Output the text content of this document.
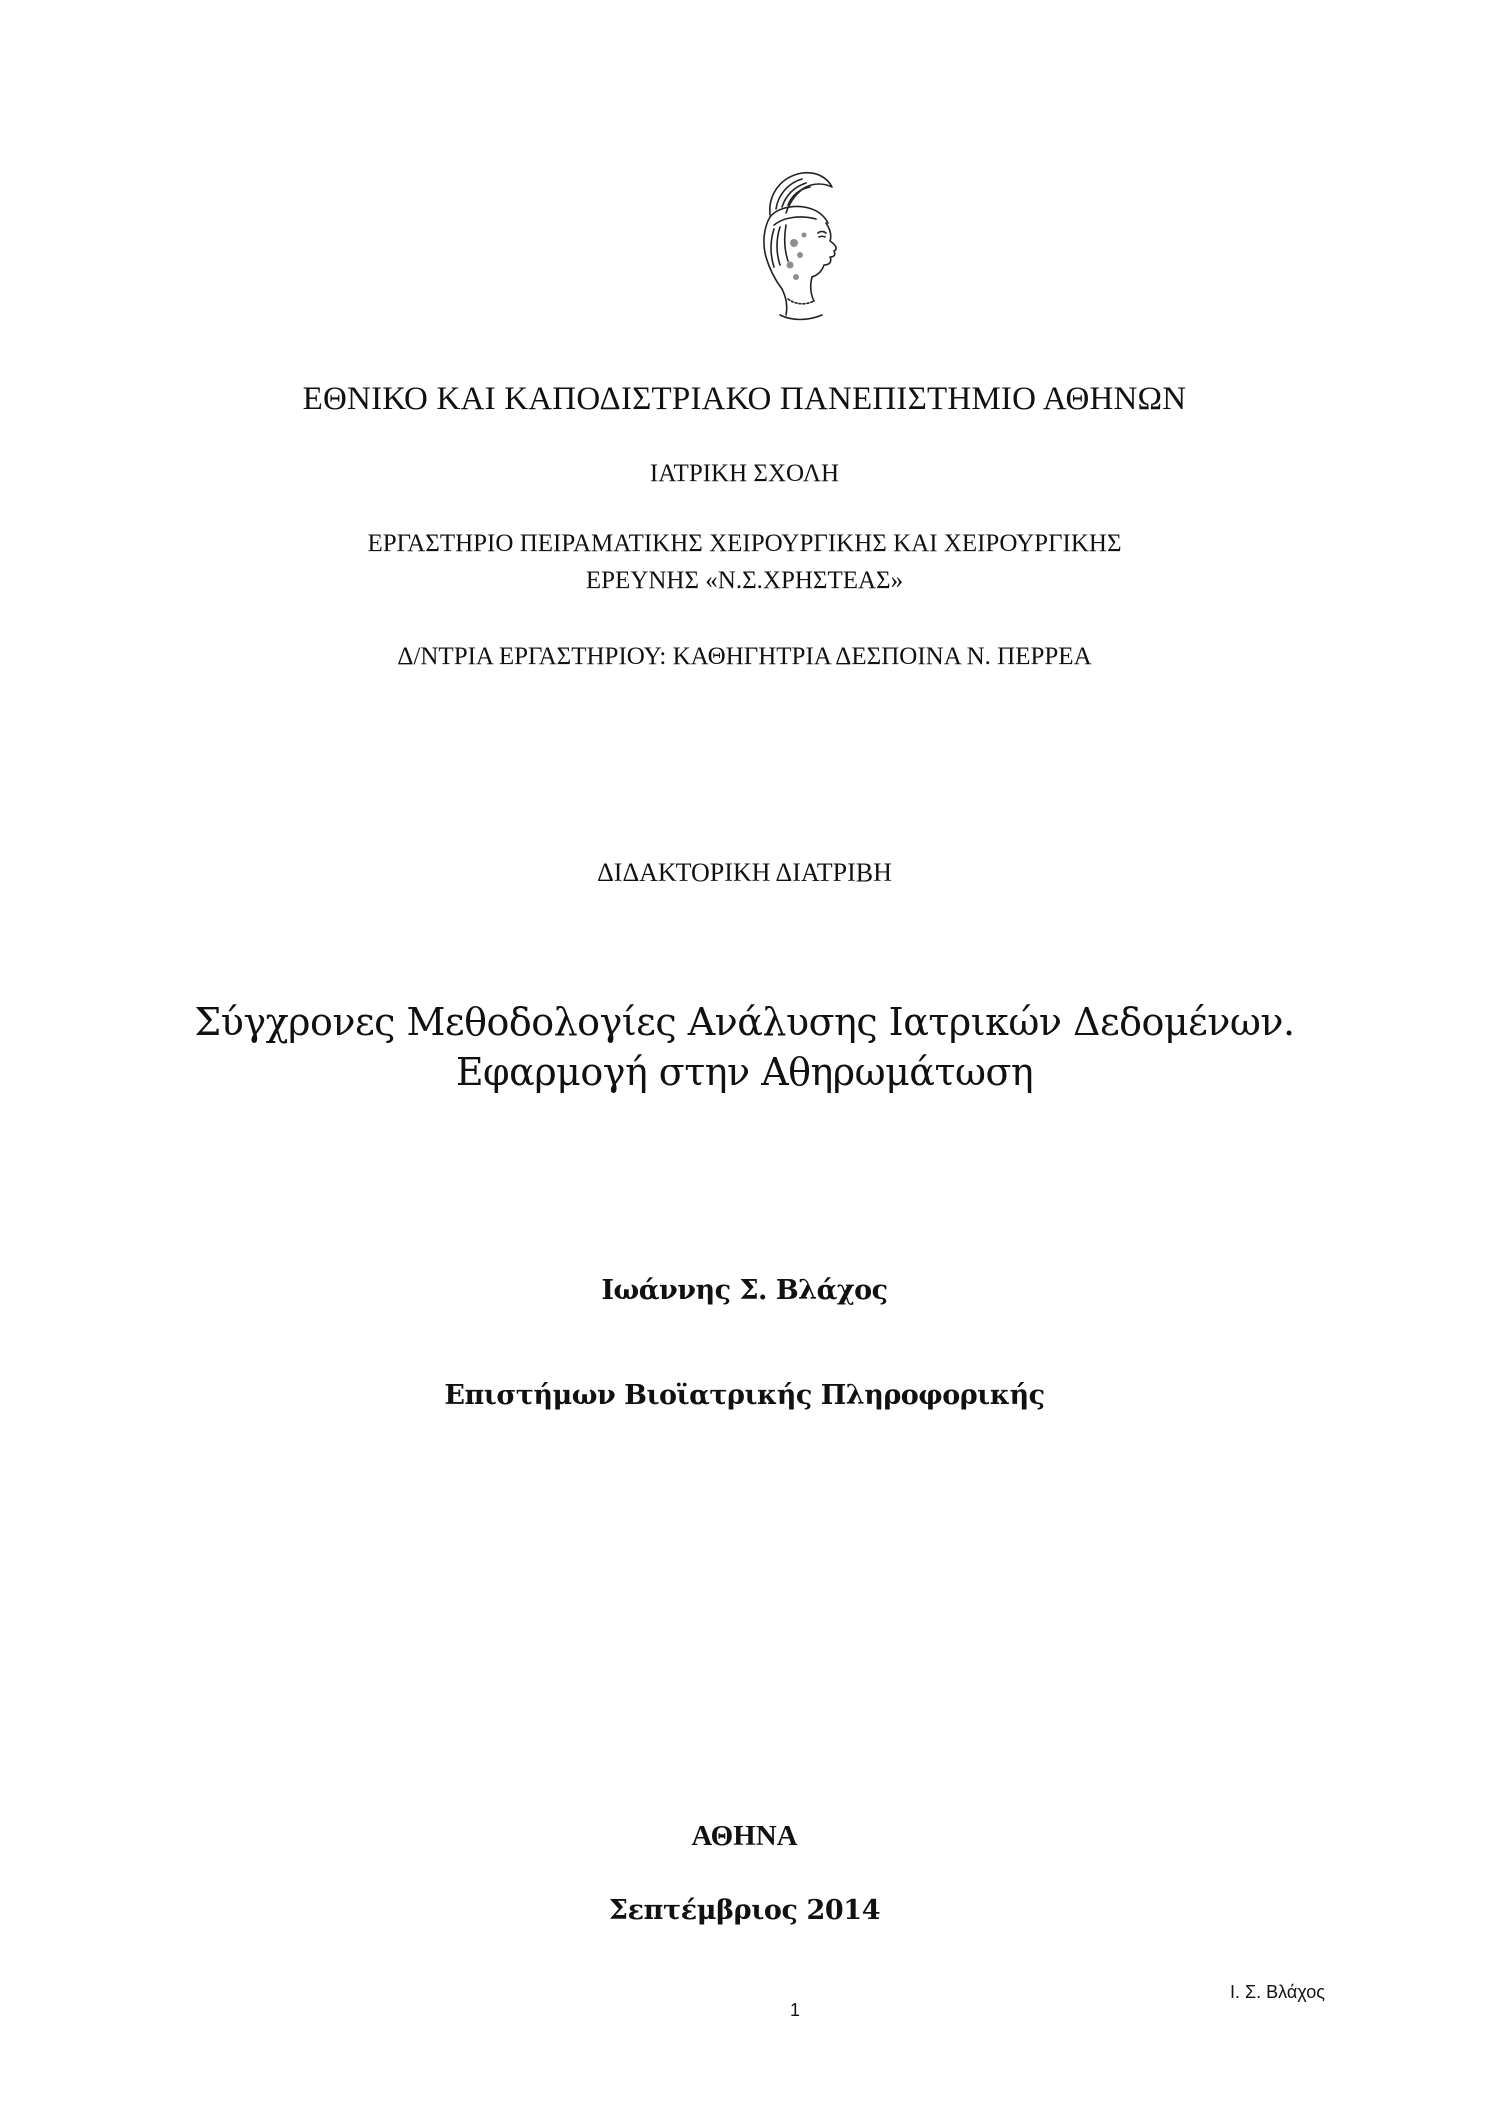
ΕΘΝΙΚΟ ΚΑΙ ΚΑΠΟΔΙΣΤΡΙΑΚΟ ΠΑΝΕΠΙΣΤΗΜΙΟ ΑΘΗΝΩΝ
ΙΑΤΡΙΚΗ ΣΧΟΛΗ
ΕΡΓΑΣΤΗΡΙΟ ΠΕΙΡΑΜΑΤΙΚΗΣ ΧΕΙΡΟΥΡΓΙΚΗΣ ΚΑΙ ΧΕΙΡΟΥΡΓΙΚΗΣ
ΕΡΕΥΝΗΣ «Ν.Σ.ΧΡΗΣΤΕΑΣ»
Δ/ΝΤΡΙΑ ΕΡΓΑΣΤΗΡΙΟΥ: ΚΑΘΗΓΗΤΡΙΑ ΔΕΣΠΟΙΝΑ Ν. ΠΕΡΡΕΑ
ΔΙΔΑΚΤΟΡΙΚΗ ΔΙΑΤΡΙΒΗ
Σύγχρονες Μεθοδολογίες Ανάλυσης Ιατρικών Δεδομένων.
Εφαρμογή στην Αθηρωμάτωση
Ιωάννης Σ. Βλάχος
Επιστήμων Βιοϊατρικής Πληροφορικής
ΑΘΗΝΑ
Σεπτέμβριος 2014
1
Ι. Σ. Βλάχος
